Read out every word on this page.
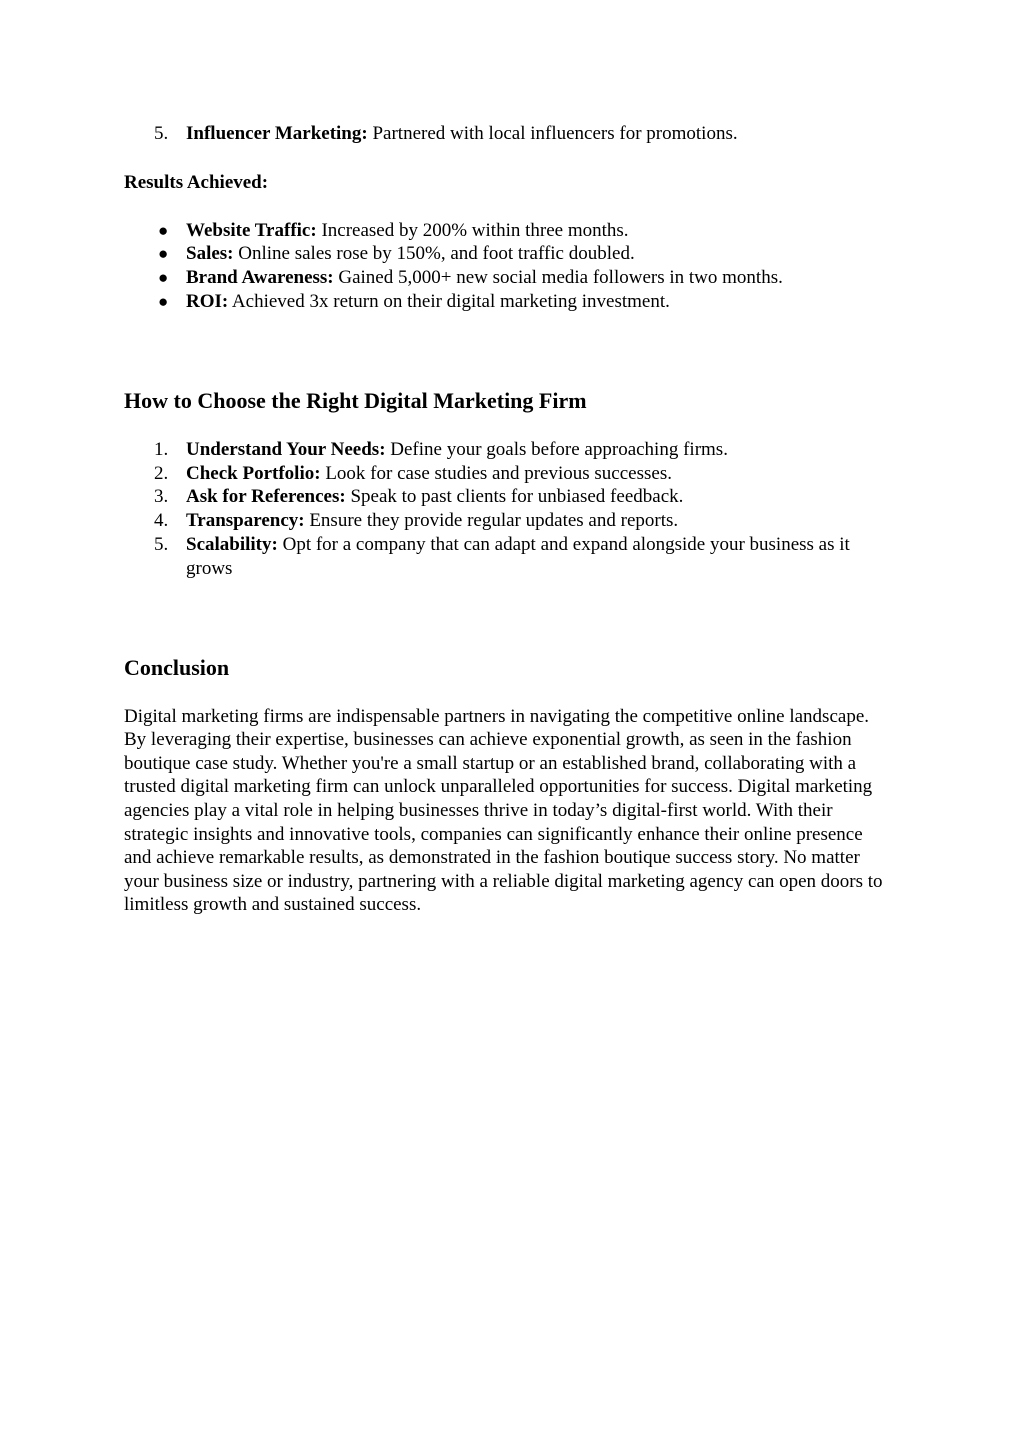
5. Influencer Marketing: Partnered with local influencers for promotions.

Results Achieved:

● Website Traffic: Increased by 200% within three months.
● Sales: Online sales rose by 150%, and foot traffic doubled.
● Brand Awareness: Gained 5,000+ new social media followers in two months.
● ROI: Achieved 3x return on their digital marketing investment.
How to Choose the Right Digital Marketing Firm
1. Understand Your Needs: Define your goals before approaching firms.
2. Check Portfolio: Look for case studies and previous successes.
3. Ask for References: Speak to past clients for unbiased feedback.
4. Transparency: Ensure they provide regular updates and reports.
5. Scalability: Opt for a company that can adapt and expand alongside your business as it grows
Conclusion

Digital marketing firms are indispensable partners in navigating the competitive online landscape. By leveraging their expertise, businesses can achieve exponential growth, as seen in the fashion boutique case study. Whether you're a small startup or an established brand, collaborating with a trusted digital marketing firm can unlock unparalleled opportunities for success. Digital marketing agencies play a vital role in helping businesses thrive in today’s digital-first world. With their strategic insights and innovative tools, companies can significantly enhance their online presence and achieve remarkable results, as demonstrated in the fashion boutique success story. No matter your business size or industry, partnering with a reliable digital marketing agency can open doors to limitless growth and sustained success.
